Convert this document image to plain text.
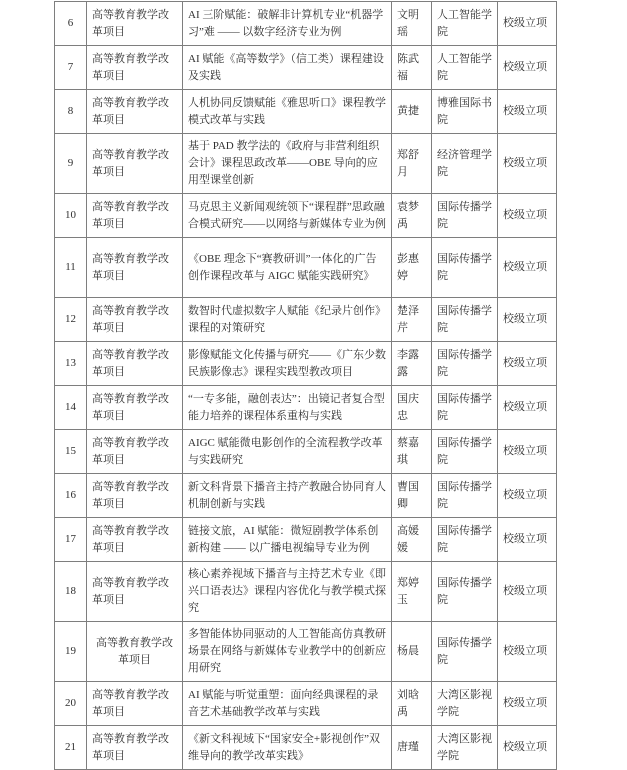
6	高等教育教学改革项目	AI 三阶赋能：破解非计算机专业“机器学习”难 —— 以数字经济专业为例	文明瑶	人工智能学院	校级立项
7	高等教育教学改革项目	AI 赋能《高等数学》（信工类）课程建设及实践	陈武福	人工智能学院	校级立项
8	高等教育教学改革项目	人机协同反馈赋能《雅思听口》课程教学模式改革与实践	黄捷	博雅国际书院	校级立项
9	高等教育教学改革项目	基于 PAD 教学法的《政府与非营利组织会计》课程思政改革——OBE 导向的应用型课堂创新	郑舒月	经济管理学院	校级立项
10	高等教育教学改革项目	马克思主义新闻观统领下“课程群”思政融合模式研究——以网络与新媒体专业为例	袁梦禹	国际传播学院	校级立项
11	高等教育教学改革项目	《OBE 理念下“赛教研训”一体化的广告创作课程改革与 AIGC 赋能实践研究》	彭惠婷	国际传播学院	校级立项
12	高等教育教学改革项目	数智时代虚拟数字人赋能《纪录片创作》课程的对策研究	楚泽芹	国际传播学院	校级立项
13	高等教育教学改革项目	影像赋能文化传播与研究——《广东少数民族影像志》课程实践型教改项目	李露露	国际传播学院	校级立项
14	高等教育教学改革项目	“一专多能，融创表达”：出镜记者复合型能力培养的课程体系重构与实践	国庆忠	国际传播学院	校级立项
15	高等教育教学改革项目	AIGC 赋能微电影创作的全流程教学改革与实践研究	蔡嘉琪	国际传播学院	校级立项
16	高等教育教学改革项目	新文科背景下播音主持产教融合协同育人机制创新与实践	曹国卿	国际传播学院	校级立项
17	高等教育教学改革项目	链接文旅，AI 赋能：微短剧教学体系创新构建 —— 以广播电视编导专业为例	高媛媛	国际传播学院	校级立项
18	高等教育教学改革项目	核心素养视域下播音与主持艺术专业《即兴口语表达》课程内容优化与教学模式探究	郑婷玉	国际传播学院	校级立项
19	高等教育教学改革项目	多智能体协同驱动的人工智能高仿真教研场景在网络与新媒体专业教学中的创新应用研究	杨晨	国际传播学院	校级立项
20	高等教育教学改革项目	AI 赋能与听觉重塑：面向经典课程的录音艺术基础教学改革与实践	刘晗禹	大湾区影视学院	校级立项
21	高等教育教学改革项目	《新文科视域下“国家安全+影视创作”双维导向的教学改革实践》	唐瑾	大湾区影视学院	校级立项
